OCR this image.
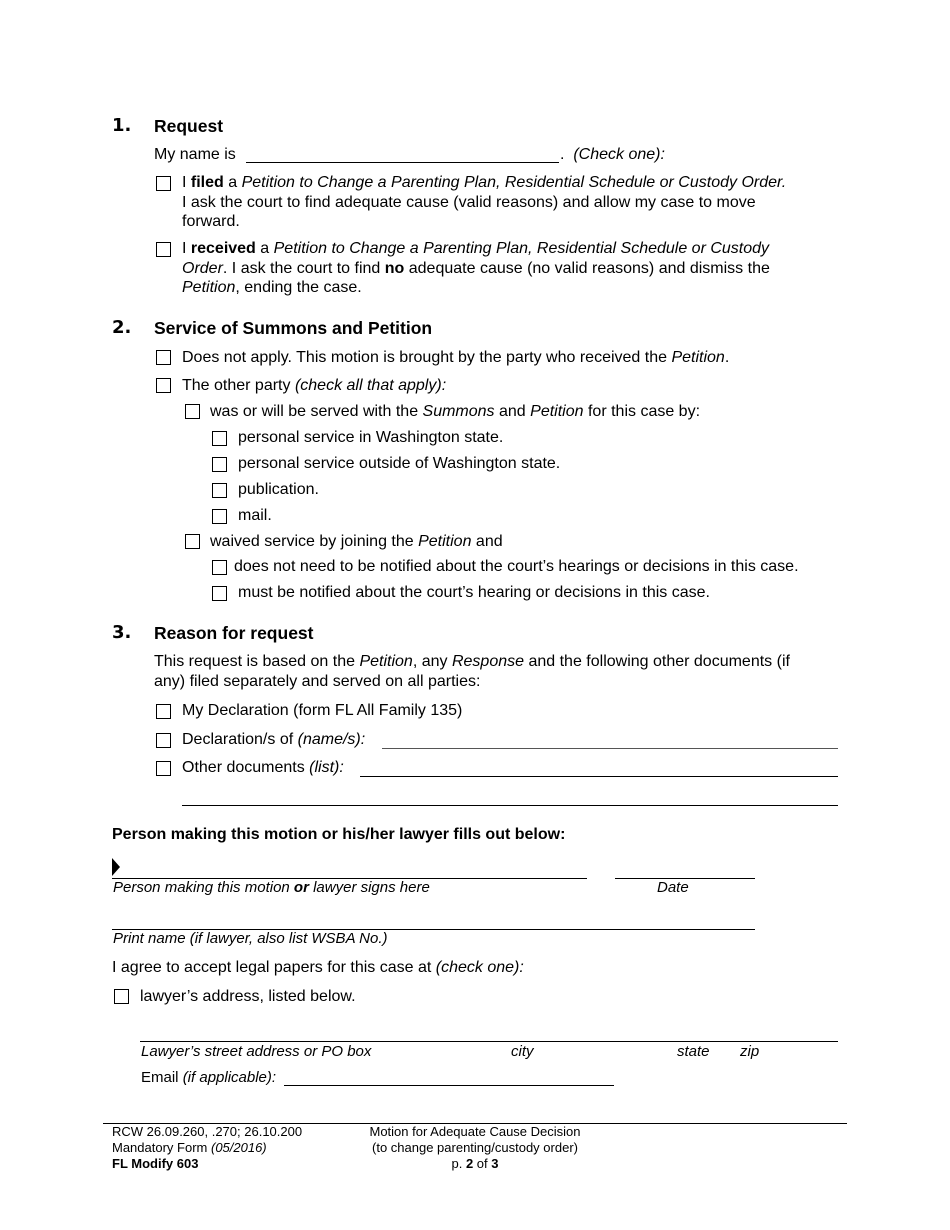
1. Request
My name is	. (Check one):
I filed a Petition to Change a Parenting Plan, Residential Schedule or Custody Order.
I ask the court to find adequate cause (valid reasons) and allow my case to move
forward.
I received a Petition to Change a Parenting Plan, Residential Schedule or Custody
Order. I ask the court to find no adequate cause (no valid reasons) and dismiss the
Petition, ending the case.
2. Service of Summons and Petition
Does not apply. This motion is brought by the party who received the Petition.
The other party (check all that apply):
was or will be served with the Summons and Petition for this case by:
personal service in Washington state.
personal service outside of Washington state.
publication.
mail.
waived service by joining the Petition and
does not need to be notified about the court’s hearings or decisions in this case.
must be notified about the court’s hearing or decisions in this case.
3. Reason for request
This request is based on the Petition, any Response and the following other documents (if
any) filed separately and served on all parties:
My Declaration (form FL All Family 135)
Declaration/s of (name/s):
Other documents (list):
Person making this motion or his/her lawyer fills out below:
Person making this motion or lawyer signs here	Date
Print name (if lawyer, also list WSBA No.)
I agree to accept legal papers for this case at (check one):
lawyer’s address, listed below.
Lawyer’s street address or PO box	city	state zip
Email (if applicable):
RCW 26.09.260, .270; 26.10.200
Mandatory Form (05/2016)
FL Modify 603
Motion for Adequate Cause Decision
(to change parenting/custody order)
p. 2 of 3
